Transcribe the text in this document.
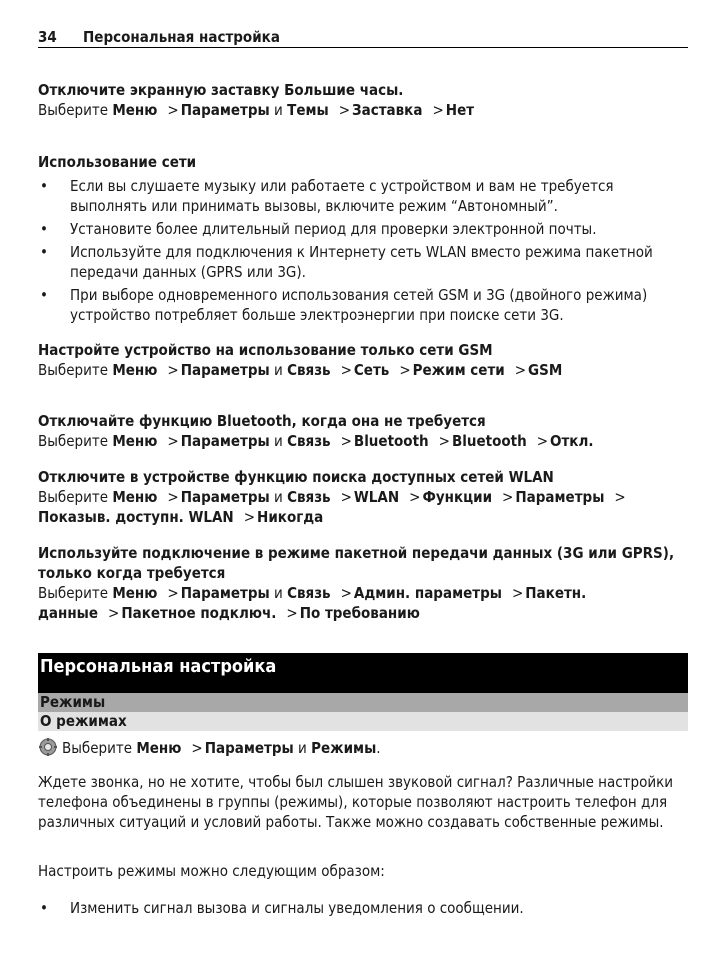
34 Персональная настройка
Отключите экранную заставку Большие часы.
Выберите Меню > Параметры и Темы > Заставка > Нет
Использование сети
• Если вы слушаете музыку или работаете с устройством и вам не требуется выполнять или принимать вызовы, включите режим “Автономный”.
• Установите более длительный период для проверки электронной почты.
• Используйте для подключения к Интернету сеть WLAN вместо режима пакетной передачи данных (GPRS или 3G).
• При выборе одновременного использования сетей GSM и 3G (двойного режима) устройство потребляет больше электроэнергии при поиске сети 3G.
Настройте устройство на использование только сети GSM
Выберите Меню > Параметры и Связь > Сеть > Режим сети > GSM
Отключайте функцию Bluetooth, когда она не требуется
Выберите Меню > Параметры и Связь > Bluetooth > Bluetooth > Откл.
Отключите в устройстве функцию поиска доступных сетей WLAN
Выберите Меню > Параметры и Связь > WLAN > Функции > Параметры > Показыв. доступн. WLAN > Никогда
Используйте подключение в режиме пакетной передачи данных (3G или GPRS), только когда требуется
Выберите Меню > Параметры и Связь > Админ. параметры > Пакетн. данные > Пакетное подключ. > По требованию
Персональная настройка
Режимы
О режимах
Выберите Меню > Параметры и Режимы.
Ждете звонка, но не хотите, чтобы был слышен звуковой сигнал? Различные настройки телефона объединены в группы (режимы), которые позволяют настроить телефон для различных ситуаций и условий работы. Также можно создавать собственные режимы.
Настроить режимы можно следующим образом:
• Изменить сигнал вызова и сигналы уведомления о сообщении.
